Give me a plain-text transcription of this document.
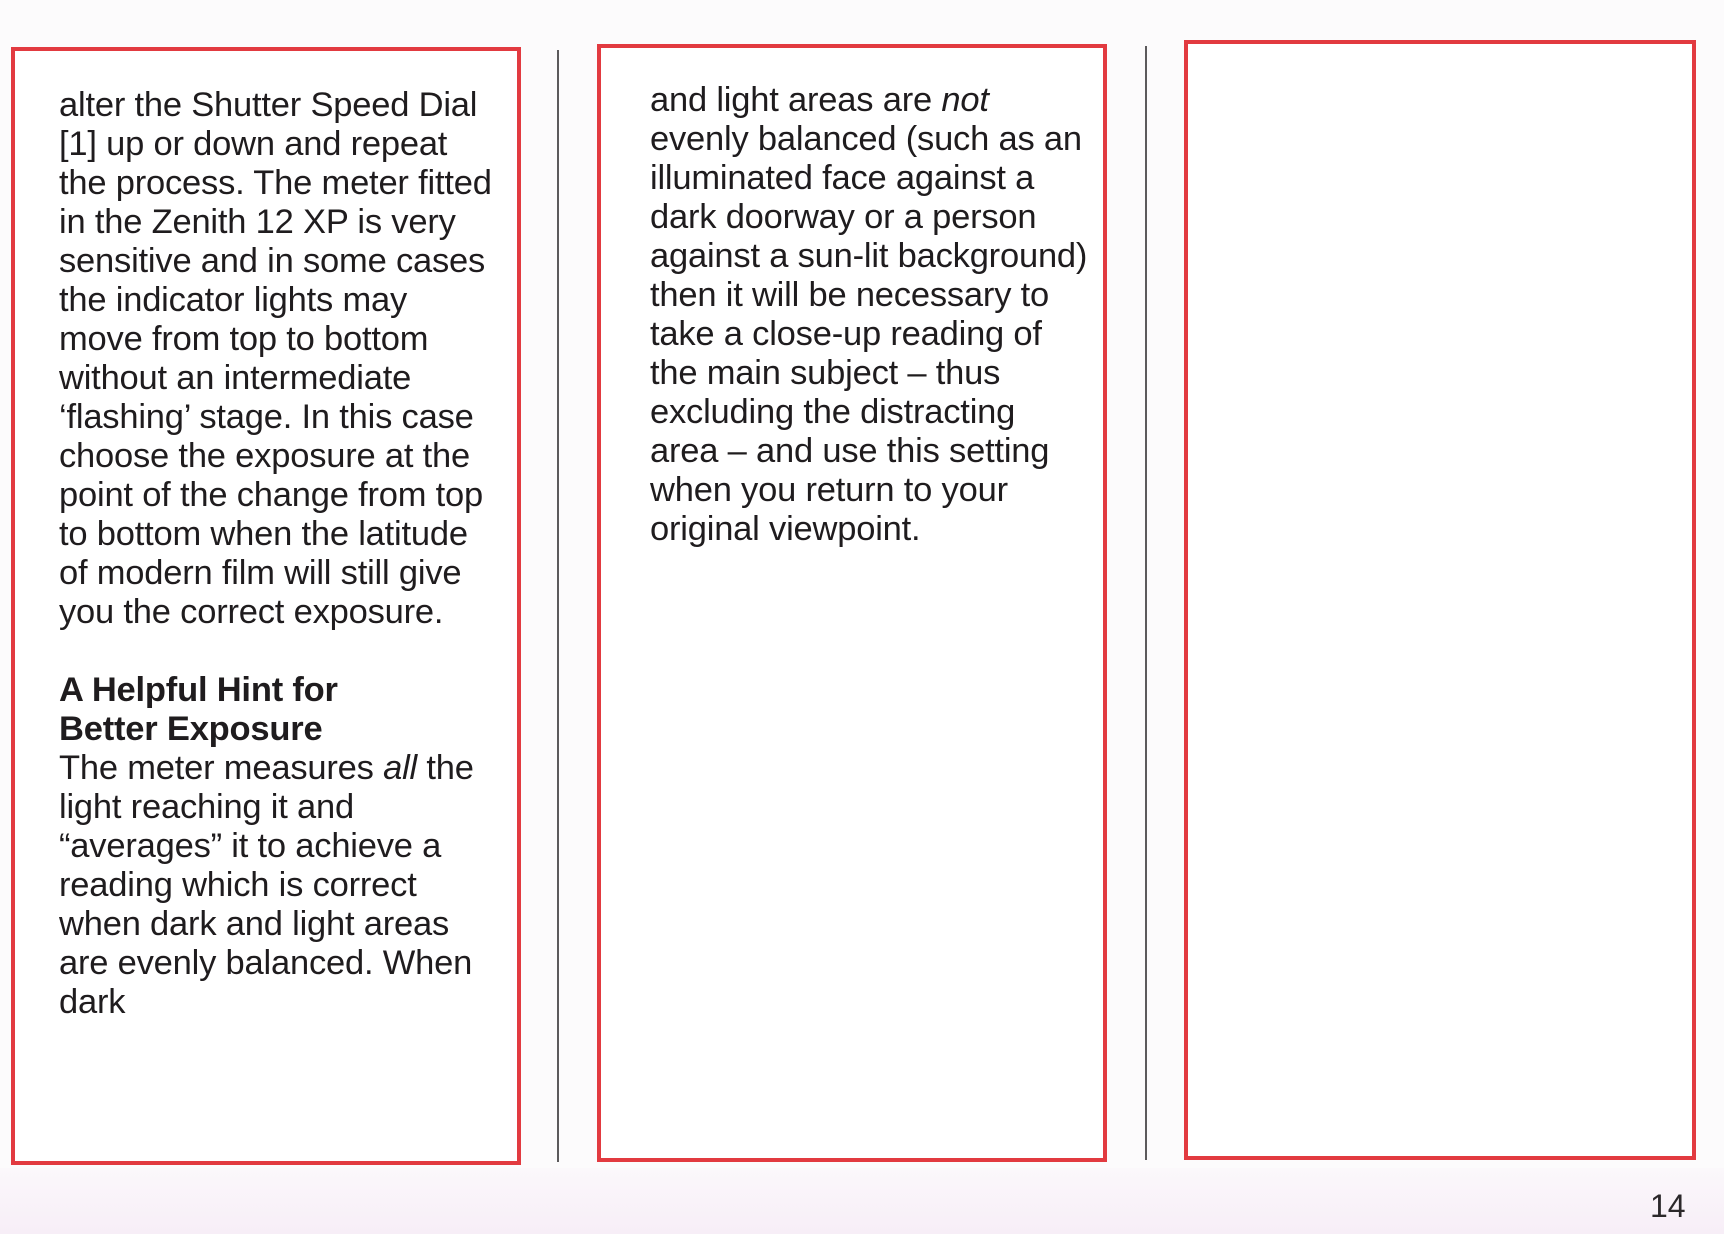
alter the Shutter Speed Dial [1] up or down and repeat the process. The meter fitted in the Zenith 12 XP is very sensitive and in some cases the indicator lights may move from top to bottom without an intermediate ‘flashing’ stage. In this case choose the exposure at the point of the change from top to bottom when the latitude of modern film will still give you the correct exposure.

A Helpful Hint for
Better Exposure

The meter measures all the light reaching it and “averages” it to achieve a reading which is correct when dark and light areas are evenly balanced. When dark

and light areas are not evenly balanced (such as an illuminated face against a dark doorway or a person against a sun-lit background) then it will be necessary to take a close-up reading of the main subject – thus excluding the distracting area – and use this setting when you return to your original viewpoint.

14
